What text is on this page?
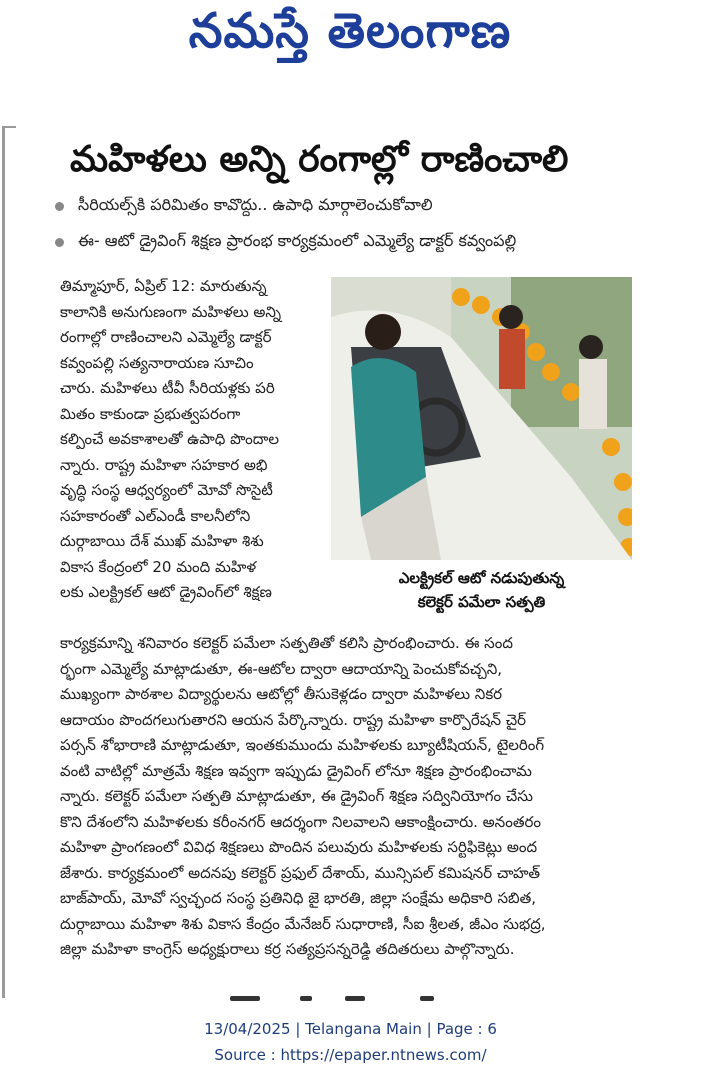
నమస్తే తెలంగాణ
మహిళలు అన్ని రంగాల్లో రాణించాలి
సీరియల్స్‌కి పరిమితం కావొద్దు.. ఉపాధి మార్గాలెంచుకోవాలి
ఈ- ఆటో డ్రైవింగ్ శిక్షణ ప్రారంభ కార్యక్రమంలో ఎమ్మెల్యే డాక్టర్ కవ్వంపల్లి

తిమ్మాపూర్, ఏప్రిల్ 12: మారుతున్న

కాలానికి అనుగుణంగా మహిళలు అన్ని

రంగాల్లో రాణించాలని ఎమ్మెల్యే డాక్టర్

కవ్వంపల్లి సత్యనారాయణ సూచిం

చారు. మహిళలు టీవీ సీరియళ్లకు పరి

మితం కాకుండా ప్రభుత్వపరంగా

కల్పించే అవకాశాలతో ఉపాధి పొందాల

న్నారు. రాష్ట్ర మహిళా సహకార అభి

వృద్ధి సంస్థ ఆధ్వర్యంలో మోవో సొసైటీ

సహకారంతో ఎల్ఎండీ కాలనీలోని

దుర్గాబాయి దేశ్ ముఖ్ మహిళా శిశు

వికాస కేంద్రంలో 20 మంది మహిళ

లకు ఎలక్ట్రికల్ ఆటో డ్రైవింగ్‌లో శిక్షణ

ఎలక్ట్రికల్ ఆటో నడుపుతున్న
కలెక్టర్ పమేలా సత్పతి

కార్యక్రమాన్ని శనివారం కలెక్టర్ పమేలా సత్పతితో కలిసి ప్రారంభించారు. ఈ సంద

ర్భంగా ఎమ్మెల్యే మాట్లాడుతూ, ఈ-ఆటోల ద్వారా ఆదాయాన్ని పెంచుకోవచ్చని,

ముఖ్యంగా పాఠశాల విద్యార్థులను ఆటోల్లో తీసుకెళ్లడం ద్వారా మహిళలు నికర

ఆదాయం పొందగలుగుతారని ఆయన పేర్కొన్నారు. రాష్ట్ర మహిళా కార్పొరేషన్ చైర్

పర్సన్ శోభారాణి మాట్లాడుతూ, ఇంతకుముందు మహిళలకు బ్యూటీషియన్, టైలరింగ్

వంటి వాటిల్లో మాత్రమే శిక్షణ ఇవ్వగా ఇప్పుడు డ్రైవింగ్ లోనూ శిక్షణ ప్రారంభించామ

న్నారు. కలెక్టర్ పమేలా సత్పతి మాట్లాడుతూ, ఈ డ్రైవింగ్ శిక్షణ సద్వినియోగం చేసు

కొని దేశంలోని మహిళలకు కరీంనగర్ ఆదర్శంగా నిలవాలని ఆకాంక్షించారు. అనంతరం

మహిళా ప్రాంగణంలో వివిధ శిక్షణలు పొందిన పలువురు మహిళలకు సర్టిఫికెట్లు అంద

జేశారు. కార్యక్రమంలో అదనపు కలెక్టర్ ప్రఫుల్ దేశాయ్, మున్సిపల్ కమిషనర్ చాహత్

బాజ్‌పాయ్, మోవో స్వచ్ఛంద సంస్థ ప్రతినిధి జై భారతి, జిల్లా సంక్షేమ అధికారి సబిత,

దుర్గాబాయి మహిళా శిశు వికాస కేంద్రం మేనేజర్ సుధారాణి, సీఐ శ్రీలత, జీఎం సుభద్ర,

జిల్లా మహిళా కాంగ్రెస్ అధ్యక్షురాలు కర్ర సత్యప్రసన్నరెడ్డి తదితరులు పాల్గొన్నారు.

13/04/2025 | Telangana Main | Page : 6
Source : https://epaper.ntnews.com/
